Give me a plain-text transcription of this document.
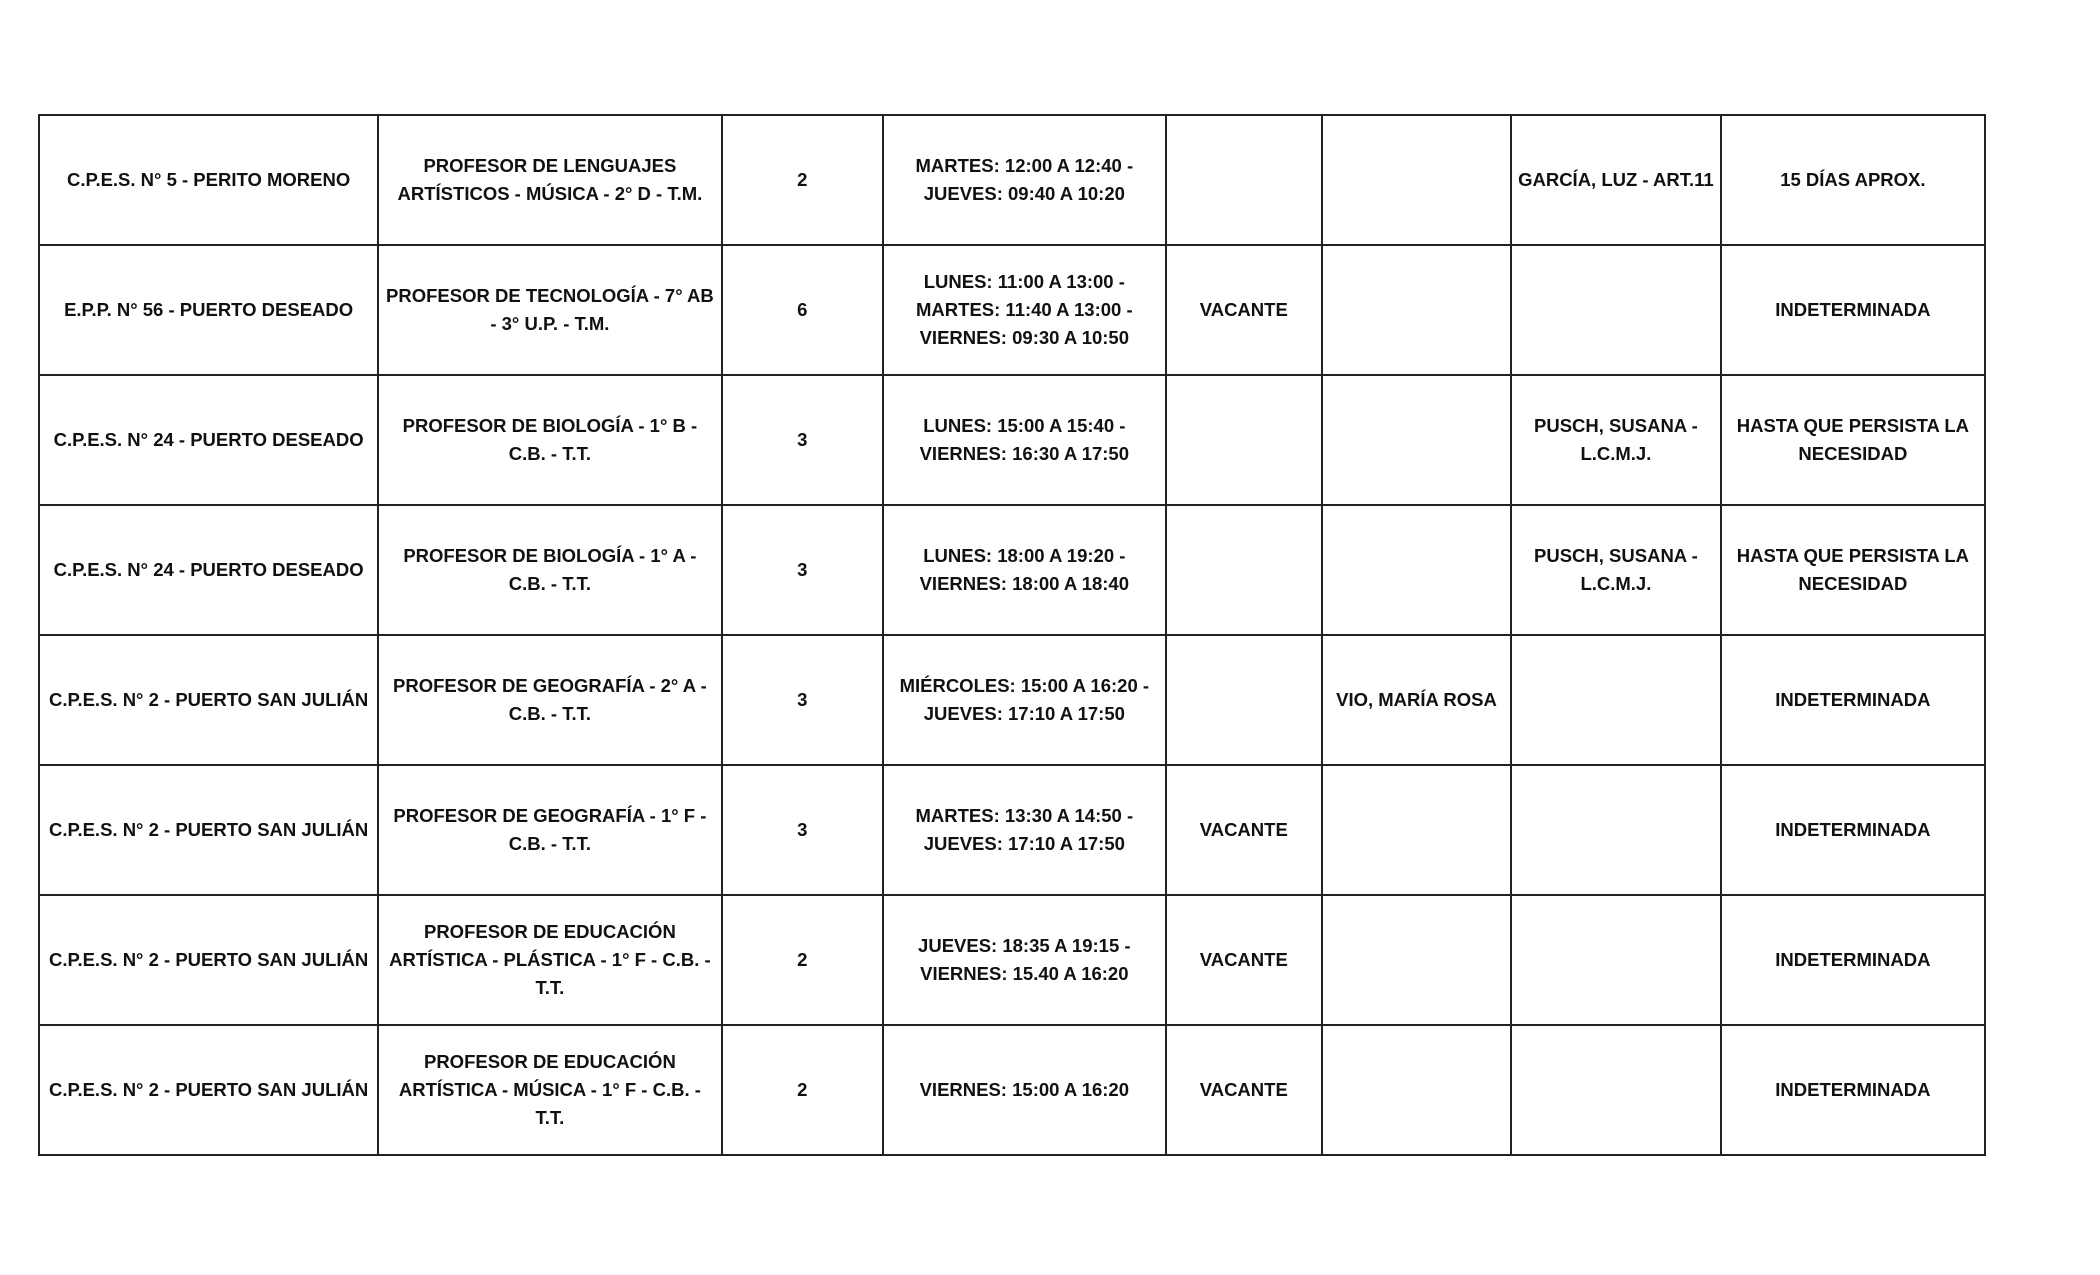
C.P.E.S. N° 5 - PERITO MORENO	PROFESOR DE LENGUAJES ARTÍSTICOS - MÚSICA - 2° D - T.M.	2	MARTES: 12:00 A 12:40 - JUEVES: 09:40 A 10:20			GARCÍA, LUZ - ART.11	15 DÍAS APROX.
E.P.P. N° 56 - PUERTO DESEADO	PROFESOR DE TECNOLOGÍA - 7° AB - 3° U.P. - T.M.	6	LUNES: 11:00 A 13:00 - MARTES: 11:40 A 13:00 - VIERNES: 09:30 A 10:50	VACANTE			INDETERMINADA
C.P.E.S. N° 24 - PUERTO DESEADO	PROFESOR DE BIOLOGÍA - 1° B - C.B. - T.T.	3	LUNES: 15:00 A 15:40 - VIERNES: 16:30 A 17:50			PUSCH, SUSANA - L.C.M.J.	HASTA QUE PERSISTA LA NECESIDAD
C.P.E.S. N° 24 - PUERTO DESEADO	PROFESOR DE BIOLOGÍA - 1° A - C.B. - T.T.	3	LUNES: 18:00 A 19:20 - VIERNES: 18:00 A 18:40			PUSCH, SUSANA - L.C.M.J.	HASTA QUE PERSISTA LA NECESIDAD
C.P.E.S. N° 2 - PUERTO SAN JULIÁN	PROFESOR DE GEOGRAFÍA - 2° A - C.B. - T.T.	3	MIÉRCOLES: 15:00 A 16:20 - JUEVES: 17:10 A 17:50		VIO, MARÍA ROSA		INDETERMINADA
C.P.E.S. N° 2 - PUERTO SAN JULIÁN	PROFESOR DE GEOGRAFÍA - 1° F - C.B. - T.T.	3	MARTES: 13:30 A 14:50 - JUEVES: 17:10 A 17:50	VACANTE			INDETERMINADA
C.P.E.S. N° 2 - PUERTO SAN JULIÁN	PROFESOR DE EDUCACIÓN ARTÍSTICA - PLÁSTICA - 1° F - C.B. - T.T.	2	JUEVES: 18:35 A 19:15 - VIERNES: 15.40 A 16:20	VACANTE			INDETERMINADA
C.P.E.S. N° 2 - PUERTO SAN JULIÁN	PROFESOR DE EDUCACIÓN ARTÍSTICA - MÚSICA - 1° F - C.B. - T.T.	2	VIERNES: 15:00 A 16:20	VACANTE			INDETERMINADA
